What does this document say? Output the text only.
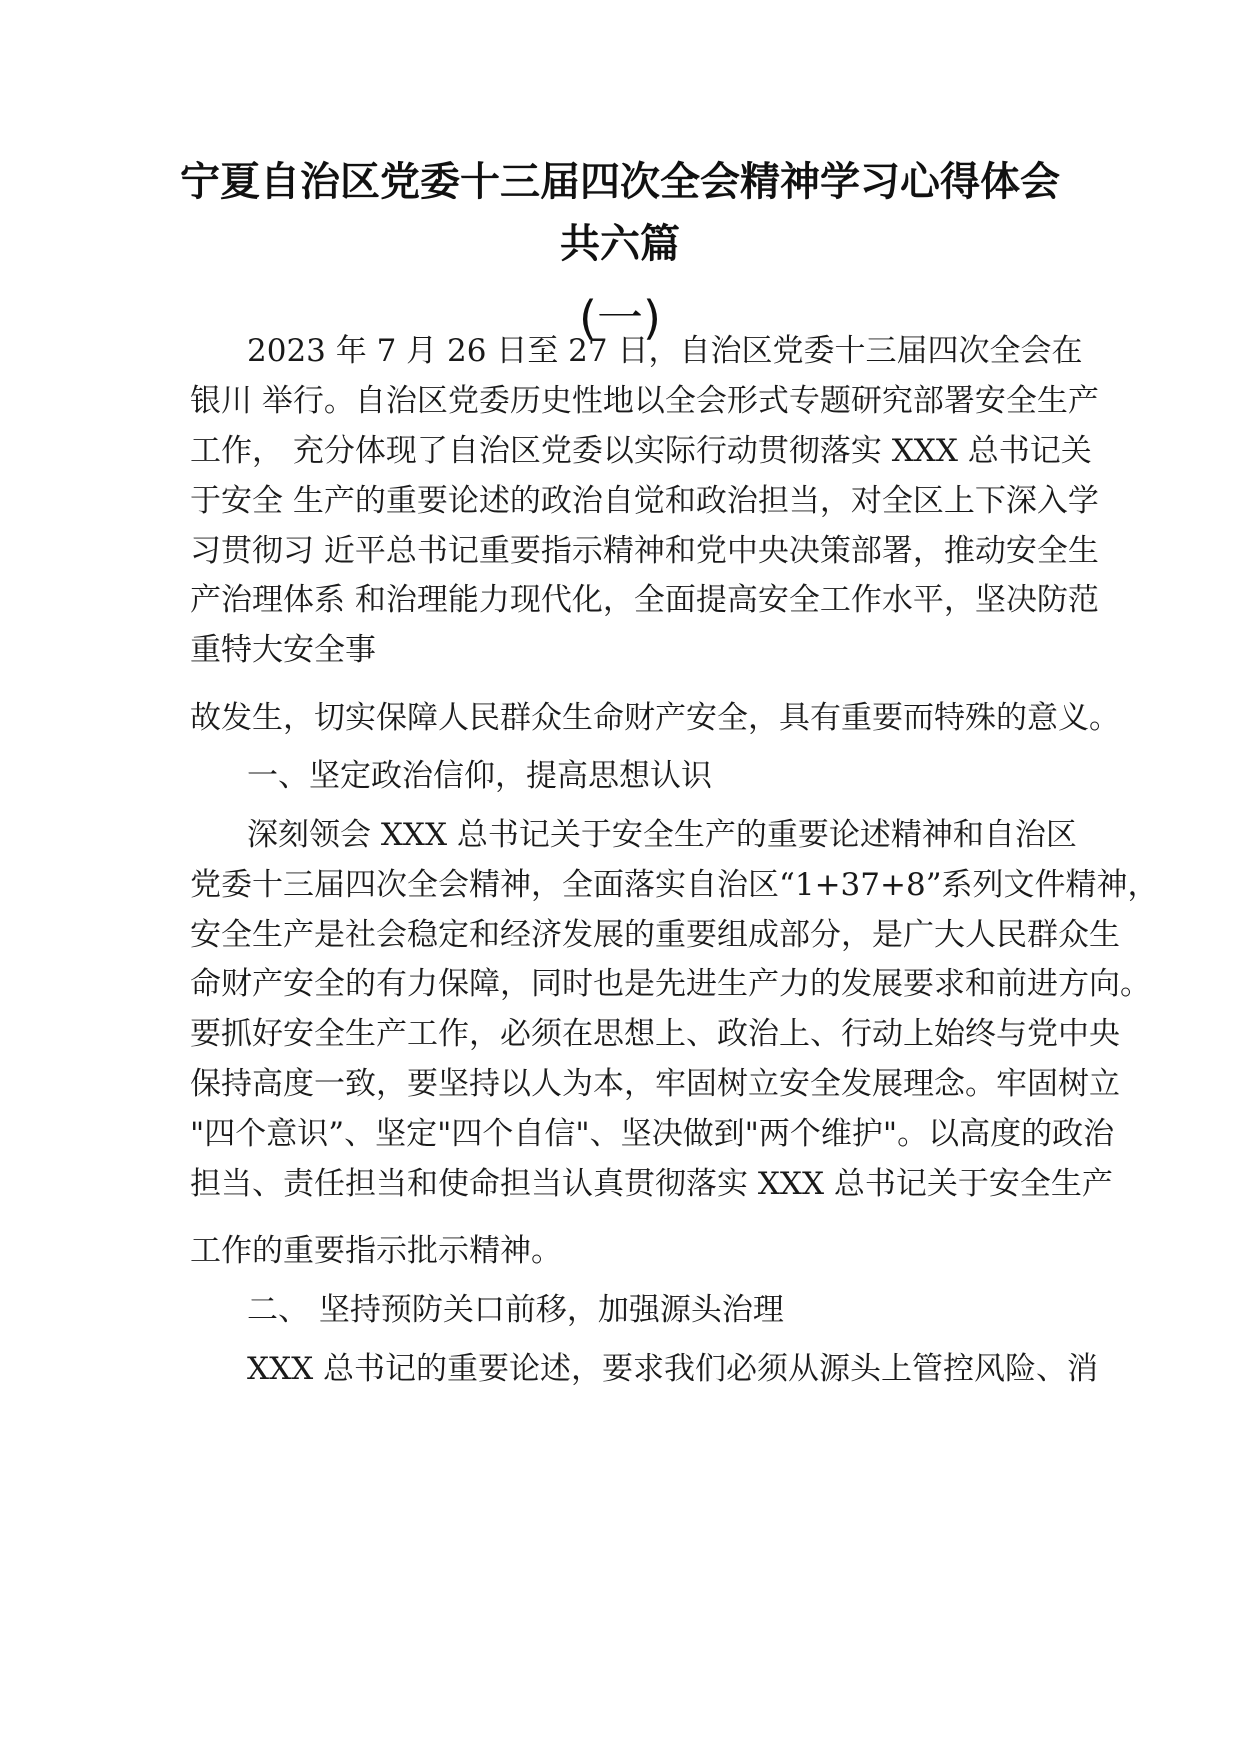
宁夏自治区党委十三届四次全会精神学习心得体会
共六篇
(一)
2023 年 7 月 26 日至 27 日，自治区党委十三届四次全会在
银川 举行。自治区党委历史性地以全会形式专题研究部署安全生产
工作， 充分体现了自治区党委以实际行动贯彻落实 XXX 总书记关
于安全 生产的重要论述的政治自觉和政治担当，对全区上下深入学
习贯彻习 近平总书记重要指示精神和党中央决策部署，推动安全生
产治理体系 和治理能力现代化，全面提高安全工作水平，坚决防范
重特大安全事
故发生，切实保障人民群众生命财产安全，具有重要而特殊的意义。
一、坚定政治信仰，提高思想认识
深刻领会 XXX 总书记关于安全生产的重要论述精神和自治区
党委十三届四次全会精神，全面落实自治区“1+37+8”系列文件精神，
安全生产是社会稳定和经济发展的重要组成部分，是广大人民群众生
命财产安全的有力保障，同时也是先进生产力的发展要求和前进方向。
要抓好安全生产工作，必须在思想上、政治上、行动上始终与党中央
保持高度一致，要坚持以人为本，牢固树立安全发展理念。牢固树立
"四个意识”、坚定"四个自信"、坚决做到"两个维护"。以高度的政治
担当、责任担当和使命担当认真贯彻落实 XXX 总书记关于安全生产
工作的重要指示批示精神。
二、 坚持预防关口前移，加强源头治理
XXX 总书记的重要论述，要求我们必须从源头上管控风险、消
